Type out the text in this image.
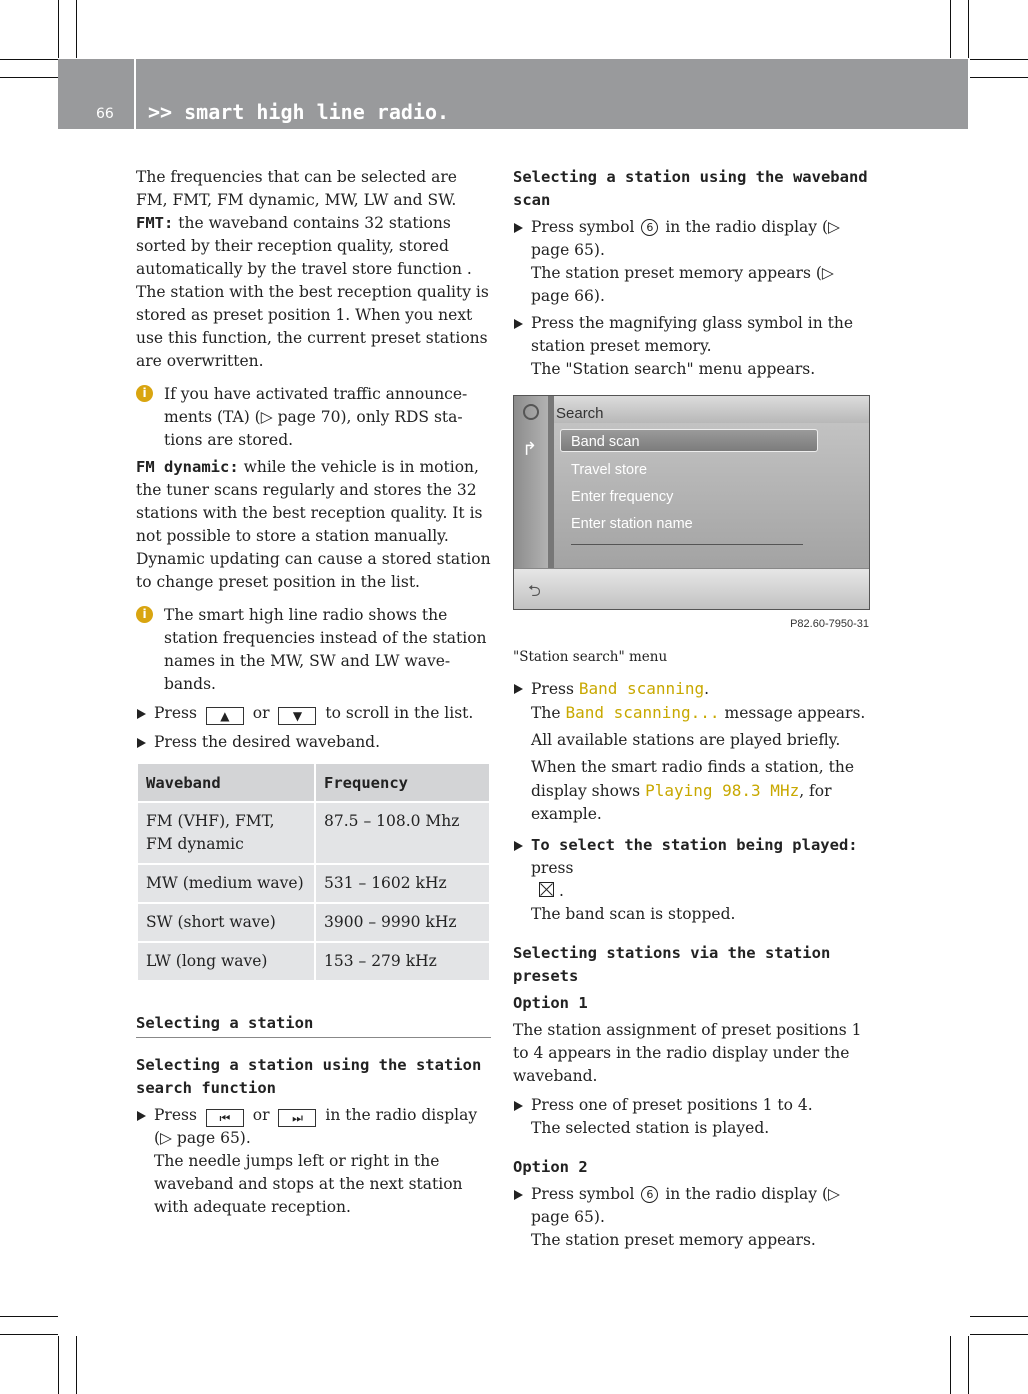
66 >> smart high line radio.

The frequencies that can be selected are FM, FMT, FM dynamic, MW, LW and SW.

FMT: the waveband contains 32 stations sorted by their reception quality, stored automatically by the travel store function . The station with the best reception quality is stored as preset position 1. When you next use this function, the current preset stations are overwritten.

i	If you have activated traffic announcements (TA) (▷ page 70), only RDS stations are stored.

FM dynamic: while the vehicle is in motion, the tuner scans regularly and stores the 32 stations with the best reception quality. It is not possible to store a station manually. Dynamic updating can cause a stored station to change preset position in the list.

i	The smart high line radio shows the station frequencies instead of the station names in the MW, SW and LW wavebands.
Press ▲ or ▼ to scroll in the list.
Press the desired waveband.
Waveband	Frequency
FM (VHF), FMT, FM dynamic	87.5 – 108.0 Mhz
MW (medium wave)	531 – 1602 kHz
SW (short wave)	3900 – 9990 kHz
LW (long wave)	153 – 279 kHz
Selecting a station
Selecting a station using the station search function
Press ⏮ or ⏭ in the radio display (▷ page 65).

The needle jumps left or right in the waveband and stops at the next station with adequate reception.

Selecting a station using the waveband scan
Press symbol 6 in the radio display (▷ page 65).

The station preset memory appears (▷ page 66).

Press the magnifying glass symbol in the station preset memory.

The "Station search" menu appears.

↱
Search
Band scan
Travel store
Enter frequency
Enter station name
⮌
P82.60-7950-31

"Station search" menu

Press Band scanning.

The Band scanning... message appears.

All available stations are played briefly.

When the smart radio finds a station, the display shows Playing 98.3 MHz, for example.

To select the station being played: press
.

The band scan is stopped.

Selecting stations via the station presets
Option 1

The station assignment of preset positions 1 to 4 appears in the radio display under the waveband.

Press one of preset positions 1 to 4.

The selected station is played.

Option 2
Press symbol 6 in the radio display (▷ page 65).

The station preset memory appears.
